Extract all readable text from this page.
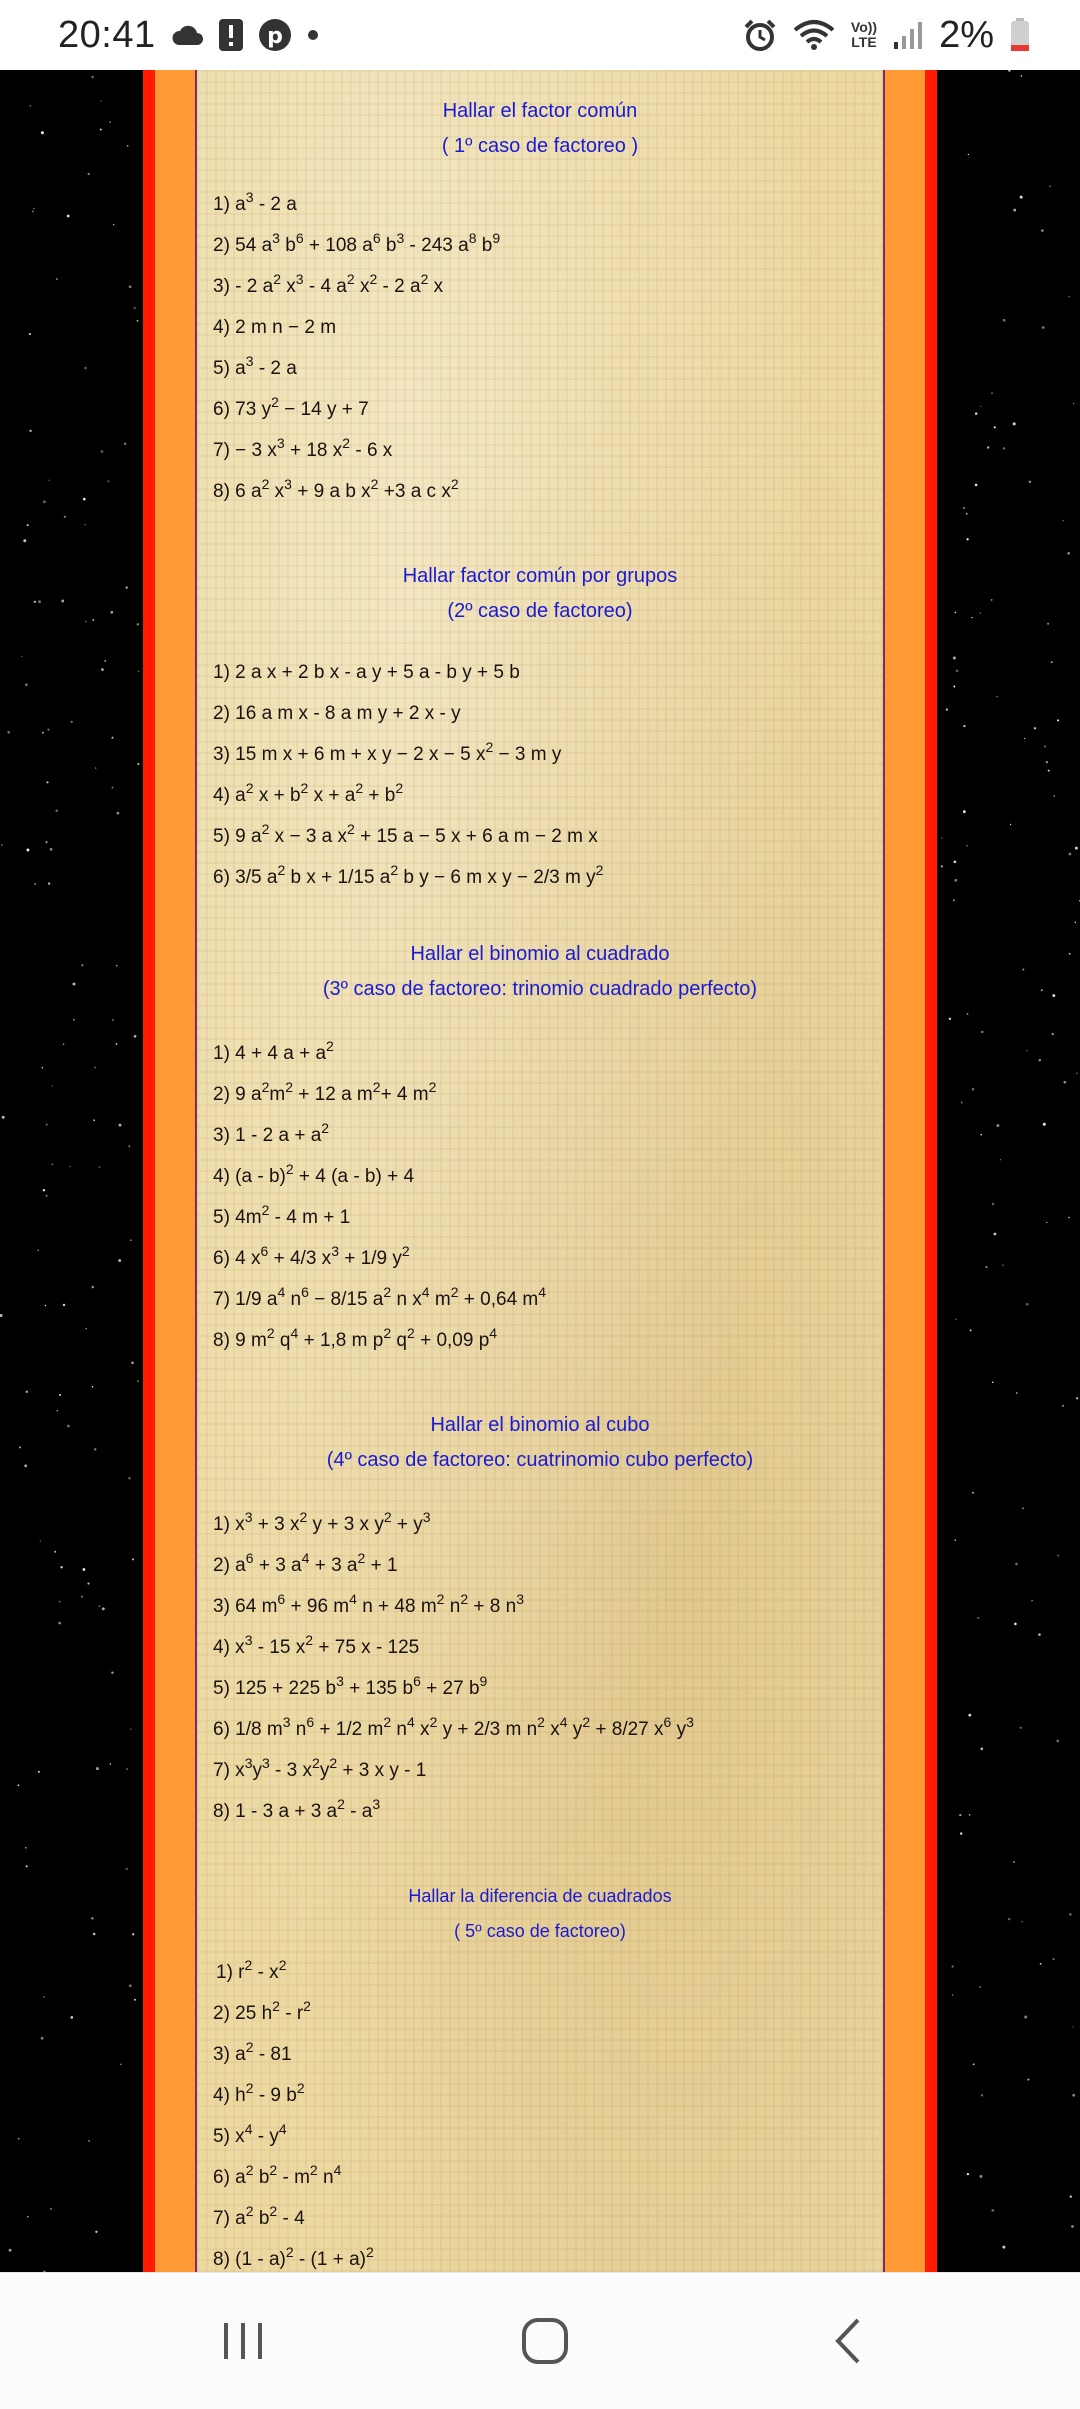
20:41	p	Vo))
LTE 2%
Hallar el factor común
( 1º caso de factoreo )
1) $a^3 - 2$ a
2) 54 $a^3$ $b^6 + 108$ $a^6$ $b^3 - 243$ $a^8$ $b^9$
3) - 2 $a^2$ $x^3 - 4$ $a^2$ $x^2 - 2$ $a^2$ x
4) 2 m n − 2 m
5) $a^3 - 2$ a
6) 73 $y^2 - 14$ y + 7
7) − 3 $x^3 + 18$ $x^2 - 6$ x
8) 6 $a^2$ $x^3 + 9$ a b $x^2 +3$ a c $x^2$
Hallar factor común por grupos
(2º caso de factoreo)
1) 2 a x + 2 b x - a y + 5 a - b y + 5 b
2) 16 a m x - 8 a m y + 2 x - y
3) 15 m x + 6 m + x y − 2 x − 5 $x^2 - 3$ m y
4) $a^2$ $x + b^2$ $x + a^2 + b^2$
5) 9 $a^2$ x − 3 a $x^2 + 15$ a − 5 x + 6 a m − 2 m x
6) 3/5 $a^2$ b x + 1/15 $a^2$ b y − 6 m x y − 2/3 m $y^2$
Hallar el binomio al cuadrado
(3º caso de factoreo: trinomio cuadrado perfecto)
1) 4 + 4 $a + a^2$
2) 9 $a^2m^2 + 12$ a $m^2+ 4$ $m^2$
3) 1 - 2 $a + a^2$
4) (a - b)$^2$ + 4 (a - b) + 4
5) $4m^2 - 4$ m + 1
6) 4 $x^6 + 4/3$ $x^3 + 1/9$ $y^2$
7) 1/9 $a^4$ $n^6 - 8/15$ $a^2$ n $x^4$ $m^2 + 0,64$ $m^4$
8) 9 $m^2$ $q^4 + 1,8$ m $p^2$ $q^2 + 0,09$ $p^4$
Hallar el binomio al cubo
(4º caso de factoreo: cuatrinomio cubo perfecto)
1) $x^3 + 3$ $x^2$ y + 3 x $y^2 + y^3$
2) $a^6 + 3$ $a^4 + 3$ $a^2 + 1$
3) 64 $m^6 + 96$ $m^4$ n + 48 $m^2$ $n^2 + 8$ $n^3$
4) $x^3 - 15$ $x^2 + 75$ x - 125
5) 125 + 225 $b^3 + 135$ $b^6 + 27$ $b^9$
6) 1/8 $m^3$ $n^6 + 1/2$ $m^2$ $n^4$ $x^2$ y + 2/3 m $n^2$ $x^4$ $y^2 + 8/27$ $x^6$ $y^3$
7) $x^3y^3 - 3$ $x^2y^2 + 3$ x y - 1
8) 1 - 3 a + 3 $a^2 - a^3$
Hallar la diferencia de cuadrados
( 5º caso de factoreo)
1) $r^2 - x^2$
2) 25 $h^2 - r^2$
3) $a^2 - 81$
4) $h^2 - 9$ $b^2$
5) $x^4 - y^4$
6) $a^2$ $b^2 - m^2$ $n^4$
7) $a^2$ $b^2 - 4$
8) $(1 - a)^2 - (1 + a)^2$
